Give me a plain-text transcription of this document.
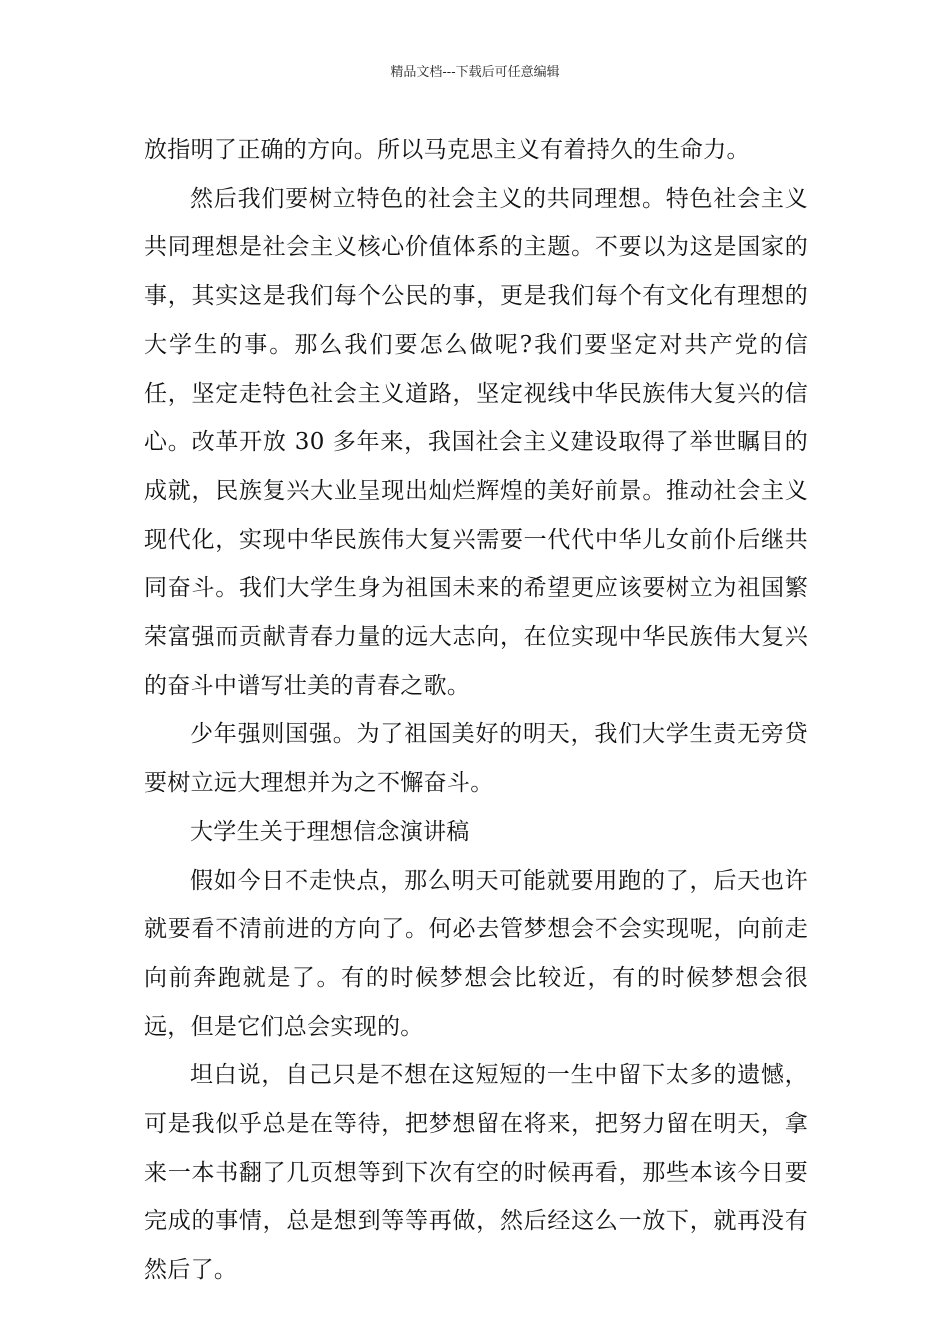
精品文档---下载后可任意编辑

放指明了正确的方向。所以马克思主义有着持久的生命力。

然后我们要树立特色的社会主义的共同理想。特色社会主义共同理想是社会主义核心价值体系的主题。不要以为这是国家的事，其实这是我们每个公民的事，更是我们每个有文化有理想的大学生的事。那么我们要怎么做呢?我们要坚定对共产党的信任，坚定走特色社会主义道路，坚定视线中华民族伟大复兴的信心。改革开放 30 多年来，我国社会主义建设取得了举世瞩目的成就，民族复兴大业呈现出灿烂辉煌的美好前景。推动社会主义现代化，实现中华民族伟大复兴需要一代代中华儿女前仆后继共同奋斗。我们大学生身为祖国未来的希望更应该要树立为祖国繁荣富强而贡献青春力量的远大志向，在位实现中华民族伟大复兴的奋斗中谱写壮美的青春之歌。

少年强则国强。为了祖国美好的明天，我们大学生责无旁贷要树立远大理想并为之不懈奋斗。

大学生关于理想信念演讲稿

假如今日不走快点，那么明天可能就要用跑的了，后天也许就要看不清前进的方向了。何必去管梦想会不会实现呢，向前走向前奔跑就是了。有的时候梦想会比较近，有的时候梦想会很远，但是它们总会实现的。

坦白说，自己只是不想在这短短的一生中留下太多的遗憾，可是我似乎总是在等待，把梦想留在将来，把努力留在明天，拿来一本书翻了几页想等到下次有空的时候再看，那些本该今日要完成的事情，总是想到等等再做，然后经这么一放下，就再没有然后了。
